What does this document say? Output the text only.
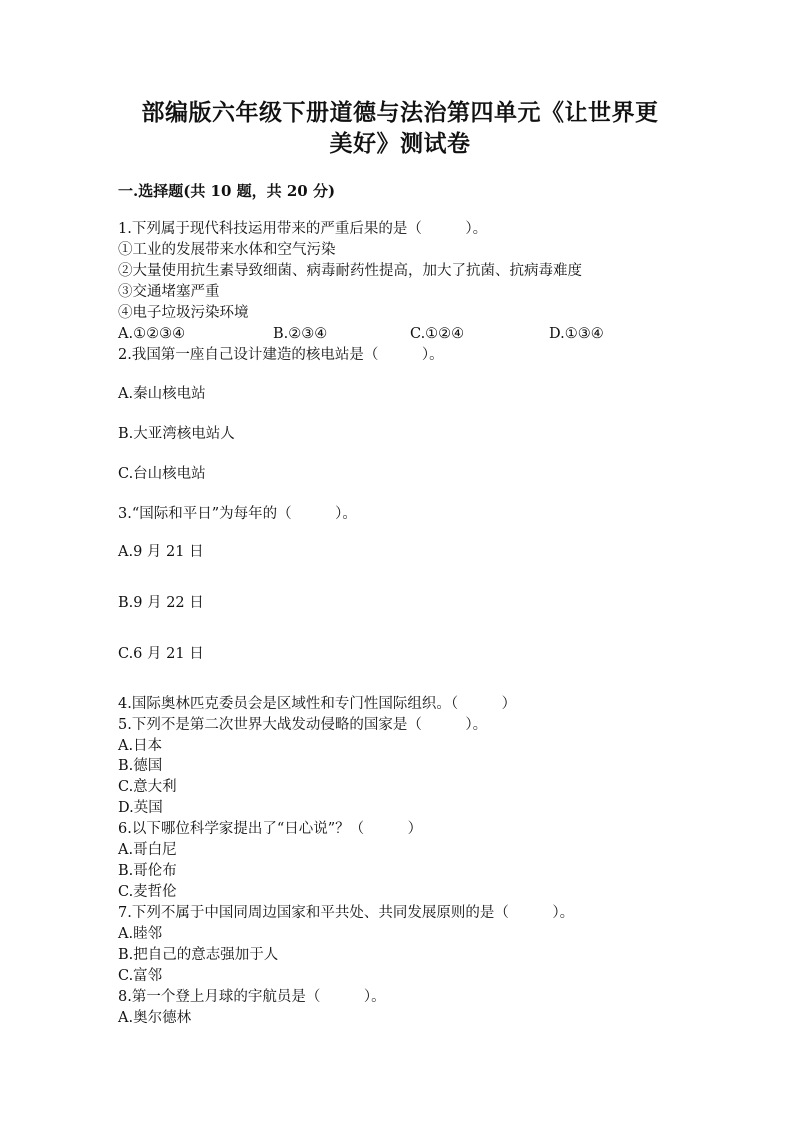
部编版六年级下册道德与法治第四单元《让世界更
美好》测试卷
一.选择题(共 10 题，共 20 分)
1.下列属于现代科技运用带来的严重后果的是（　　　）。
①工业的发展带来水体和空气污染
②大量使用抗生素导致细菌、病毒耐药性提高，加大了抗菌、抗病毒难度
③交通堵塞严重
④电子垃圾污染环境
A.①②③④	B.②③④	C.①②④	D.①③④
2.我国第一座自己设计建造的核电站是（　　　）。
A.秦山核电站
B.大亚湾核电站人
C.台山核电站
3.“国际和平日”为每年的（　　　）。
A.9 月 21 日
B.9 月 22 日
C.6 月 21 日
4.国际奥林匹克委员会是区域性和专门性国际组织。（　　　）
5.下列不是第二次世界大战发动侵略的国家是（　　　）。
A.日本
B.德国
C.意大利
D.英国
6.以下哪位科学家提出了“日心说”？（　　　）
A.哥白尼
B.哥伦布
C.麦哲伦
7.下列不属于中国同周边国家和平共处、共同发展原则的是（　　　）。
A.睦邻
B.把自己的意志强加于人
C.富邻
8.第一个登上月球的宇航员是（　　　）。
A.奥尔德林
